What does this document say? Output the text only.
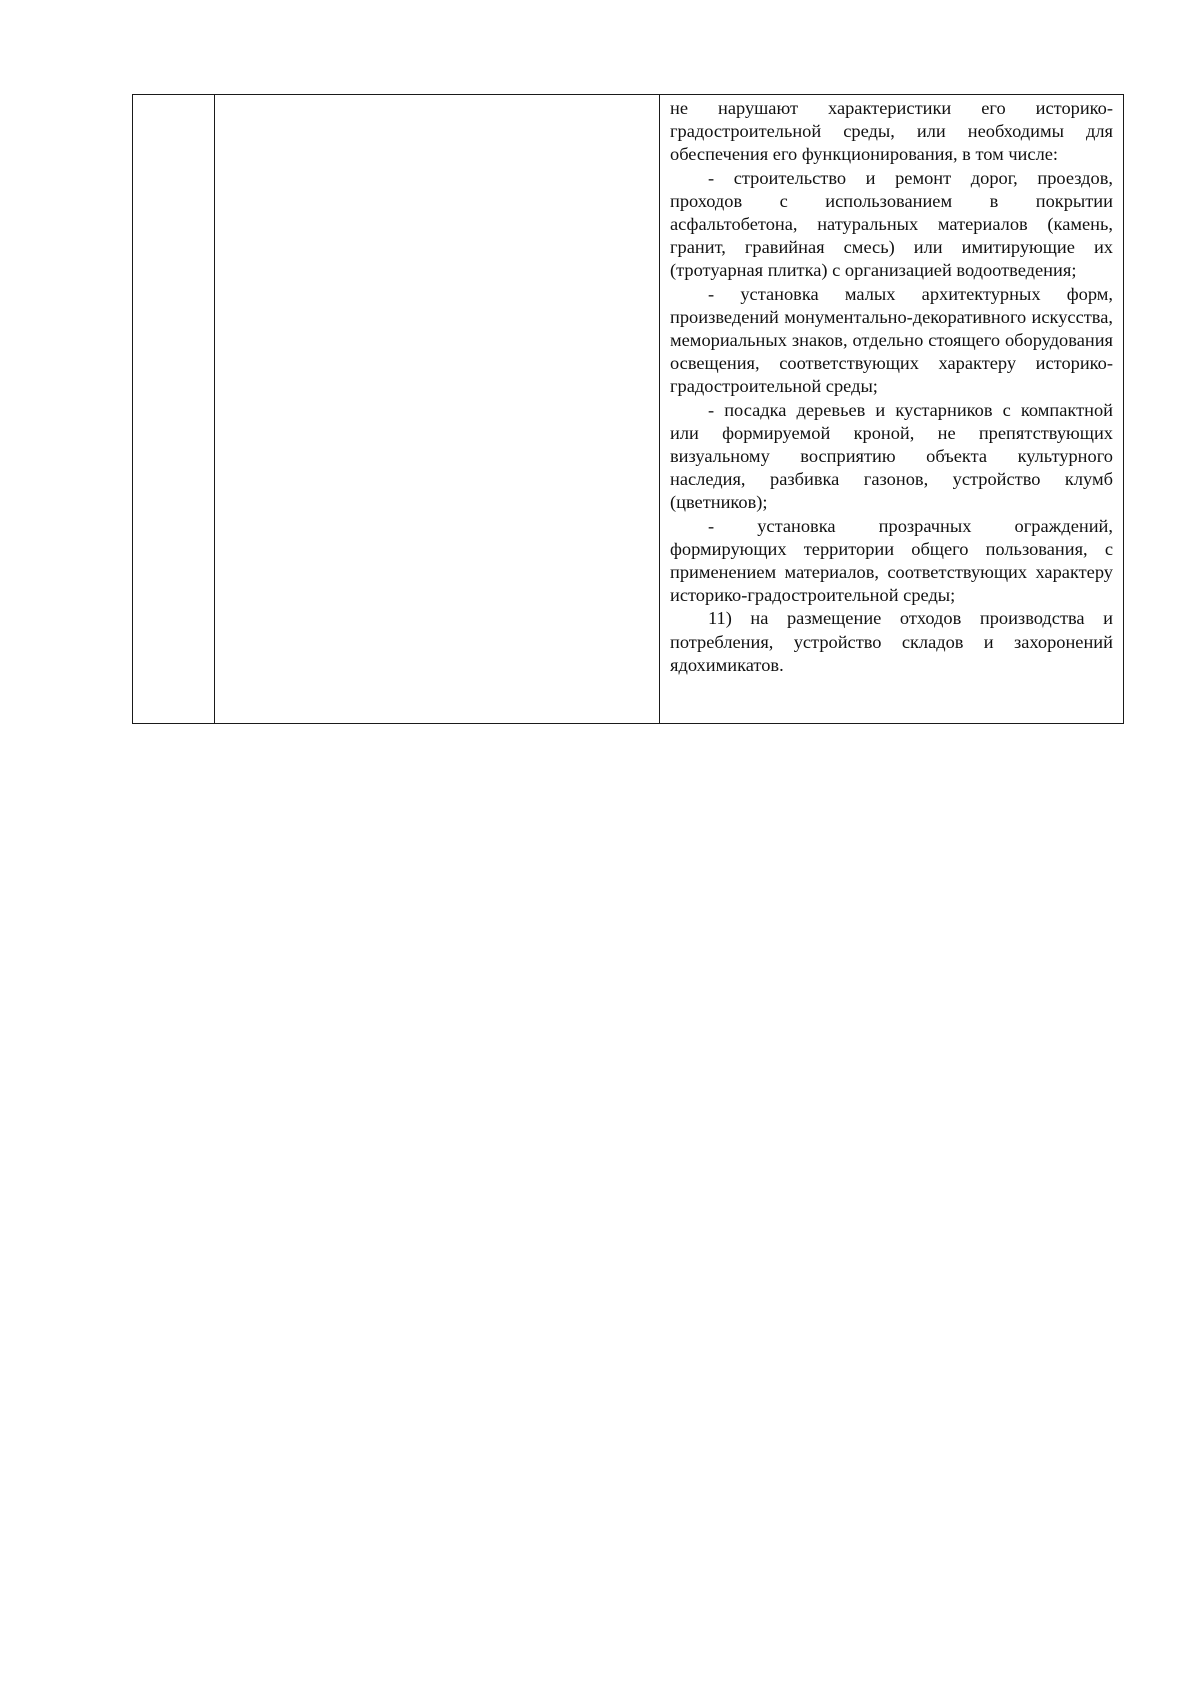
не нарушают характеристики его историко-градостроительной среды, или необходимы для обеспечения его функционирования, в том числе:

- строительство и ремонт дорог, проездов, проходов с использованием в покрытии асфальтобетона, натуральных материалов (камень, гранит, гравийная смесь) или имитирующие их (тротуарная плитка) с организацией водоотведения;

- установка малых архитектурных форм, произведений монументально-декоративного искусства, мемориальных знаков, отдельно стоящего оборудования освещения, соответствующих характеру историко-градостроительной среды;

- посадка деревьев и кустарников с компактной или формируемой кроной, не препятствующих визуальному восприятию объекта культурного наследия, разбивка газонов, устройство клумб (цветников);

- установка прозрачных ограждений, формирующих территории общего пользования, с применением материалов, соответствующих характеру историко-градостроительной среды;

11) на размещение отходов производства и потребления, устройство складов и захоронений ядохимикатов.
